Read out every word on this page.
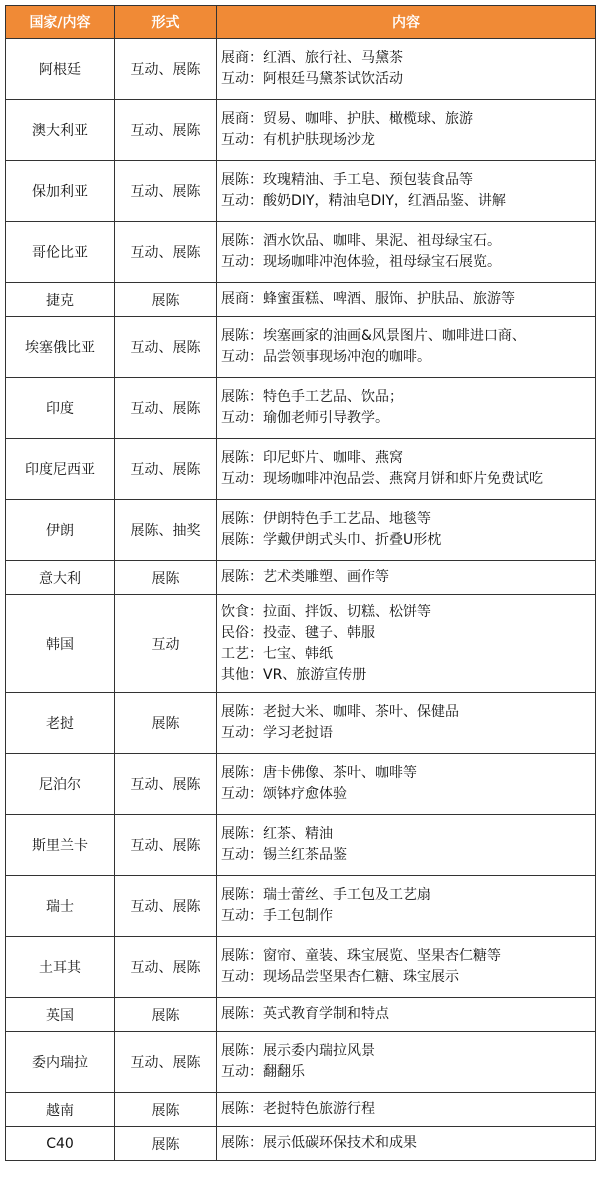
国家/内容	形式	内容
阿根廷	互动、展陈	展商：红酒、旅行社、马黛茶
互动：阿根廷马黛茶试饮活动

澳大利亚	互动、展陈	展商：贸易、咖啡、护肤、橄榄球、旅游
互动：有机护肤现场沙龙

保加利亚	互动、展陈	展陈：玫瑰精油、手工皂、预包装食品等
互动：酸奶DIY，精油皂DIY，红酒品鉴、讲解

哥伦比亚	互动、展陈	展陈：酒水饮品、咖啡、果泥、祖母绿宝石。
互动：现场咖啡冲泡体验，祖母绿宝石展览。

捷克	展陈	展商：蜂蜜蛋糕、啤酒、服饰、护肤品、旅游等

埃塞俄比亚	互动、展陈	展陈：埃塞画家的油画&风景图片、咖啡进口商、
互动：品尝领事现场冲泡的咖啡。

印度	互动、展陈	展陈：特色手工艺品、饮品；
互动：瑜伽老师引导教学。

印度尼西亚	互动、展陈	展陈：印尼虾片、咖啡、燕窝
互动：现场咖啡冲泡品尝、燕窝月饼和虾片免费试吃

伊朗	展陈、抽奖	展陈：伊朗特色手工艺品、地毯等
展陈：学戴伊朗式头巾、折叠U形枕

意大利	展陈	展陈：艺术类雕塑、画作等

韩国	互动	饮食：拉面、拌饭、切糕、松饼等
民俗：投壶、毽子、韩服
工艺：七宝、韩纸
其他：VR、旅游宣传册

老挝	展陈	展陈：老挝大米、咖啡、茶叶、保健品
互动：学习老挝语

尼泊尔	互动、展陈	展陈：唐卡佛像、茶叶、咖啡等
互动：颂钵疗愈体验

斯里兰卡	互动、展陈	展陈：红茶、精油
互动：锡兰红茶品鉴

瑞士	互动、展陈	展陈：瑞士蕾丝、手工包及工艺扇
互动：手工包制作

土耳其	互动、展陈	展陈：窗帘、童装、珠宝展览、坚果杏仁糖等
互动：现场品尝坚果杏仁糖、珠宝展示

英国	展陈	展陈：英式教育学制和特点

委内瑞拉	互动、展陈	展陈：展示委内瑞拉风景
互动：翻翻乐

越南	展陈	展陈：老挝特色旅游行程

C40	展陈	展陈：展示低碳环保技术和成果
